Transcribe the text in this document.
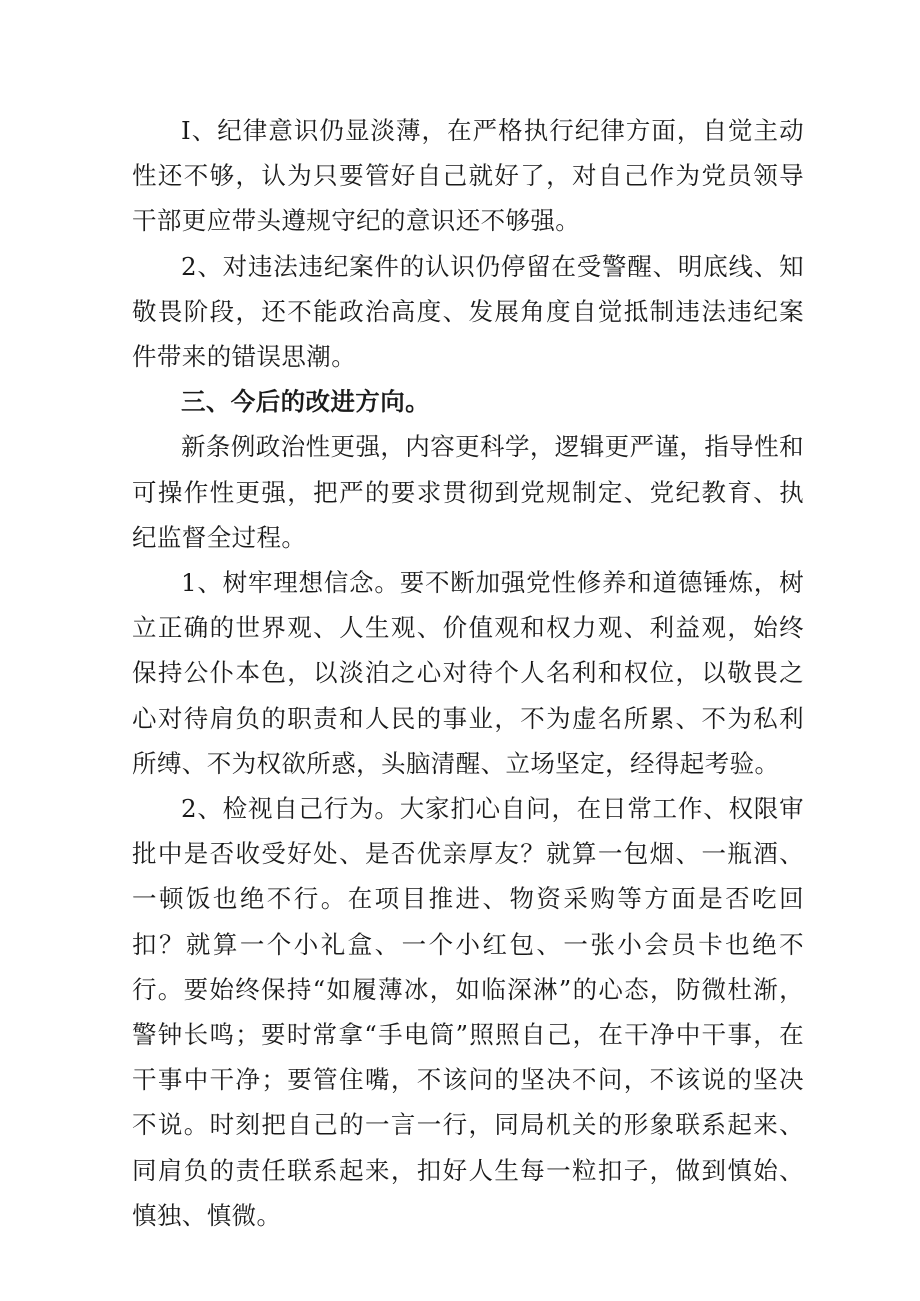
I、纪律意识仍显淡薄，在严格执行纪律方面，自觉主动性还不够，认为只要管好自己就好了，对自己作为党员领导干部更应带头遵规守纪的意识还不够强。

2、对违法违纪案件的认识仍停留在受警醒、明底线、知敬畏阶段，还不能政治高度、发展角度自觉抵制违法违纪案件带来的错误思潮。

三、今后的改进方向。

新条例政治性更强，内容更科学，逻辑更严谨，指导性和可操作性更强，把严的要求贯彻到党规制定、党纪教育、执纪监督全过程。

1、树牢理想信念。要不断加强党性修养和道德锤炼，树立正确的世界观、人生观、价值观和权力观、利益观，始终保持公仆本色，以淡泊之心对待个人名利和权位，以敬畏之心对待肩负的职责和人民的事业，不为虚名所累、不为私利所缚、不为权欲所惑，头脑清醒、立场坚定，经得起考验。

2、检视自己行为。大家扪心自问，在日常工作、权限审批中是否收受好处、是否优亲厚友？就算一包烟、一瓶酒、一顿饭也绝不行。在项目推进、物资采购等方面是否吃回扣？就算一个小礼盒、一个小红包、一张小会员卡也绝不行。要始终保持“如履薄冰，如临深淋”的心态，防微杜渐，警钟长鸣；要时常拿“手电筒”照照自己，在干净中干事，在干事中干净；要管住嘴，不该问的坚决不问，不该说的坚决不说。时刻把自己的一言一行，同局机关的形象联系起来、同肩负的责任联系起来，扣好人生每一粒扣子，做到慎始、慎独、慎微。
